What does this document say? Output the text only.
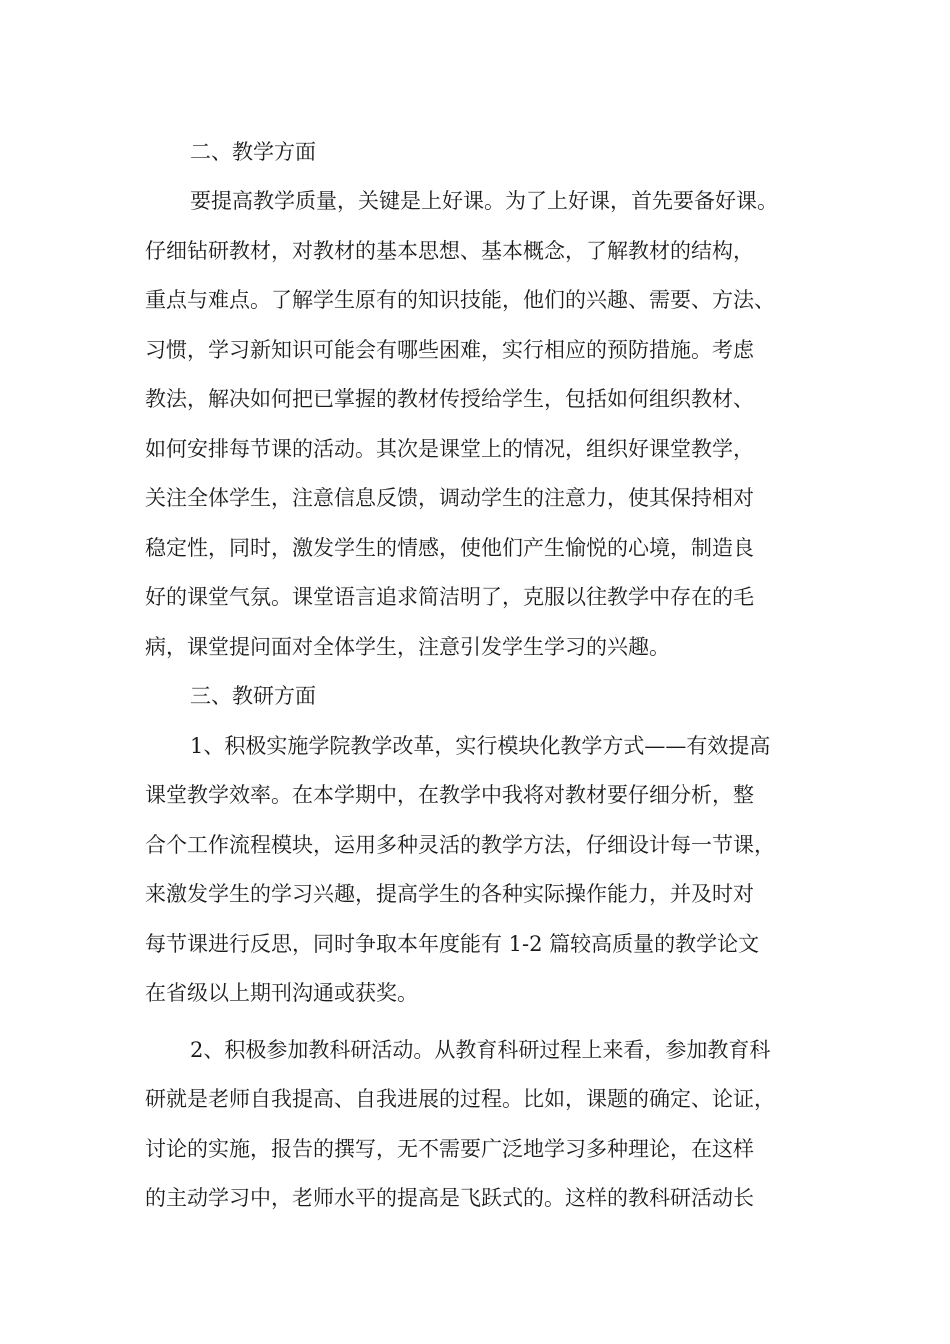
二、教学方面
要提高教学质量，关键是上好课。为了上好课，首先要备好课。
仔细钻研教材，对教材的基本思想、基本概念，了解教材的结构，
重点与难点。了解学生原有的知识技能，他们的兴趣、需要、方法、
习惯，学习新知识可能会有哪些困难，实行相应的预防措施。考虑
教法，解决如何把已掌握的教材传授给学生，包括如何组织教材、
如何安排每节课的活动。其次是课堂上的情况，组织好课堂教学，
关注全体学生，注意信息反馈，调动学生的注意力，使其保持相对
稳定性，同时，激发学生的情感，使他们产生愉悦的心境，制造良
好的课堂气氛。课堂语言追求简洁明了，克服以往教学中存在的毛
病，课堂提问面对全体学生，注意引发学生学习的兴趣。
三、教研方面
1、积极实施学院教学改革，实行模块化教学方式——有效提高
课堂教学效率。在本学期中，在教学中我将对教材要仔细分析，整
合个工作流程模块，运用多种灵活的教学方法，仔细设计每一节课，
来激发学生的学习兴趣，提高学生的各种实际操作能力，并及时对
每节课进行反思，同时争取本年度能有 1-2 篇较高质量的教学论文
在省级以上期刊沟通或获奖。
2、积极参加教科研活动。从教育科研过程上来看，参加教育科
研就是老师自我提高、自我进展的过程。比如，课题的确定、论证，
讨论的实施，报告的撰写，无不需要广泛地学习多种理论，在这样
的主动学习中，老师水平的提高是飞跃式的。这样的教科研活动长
